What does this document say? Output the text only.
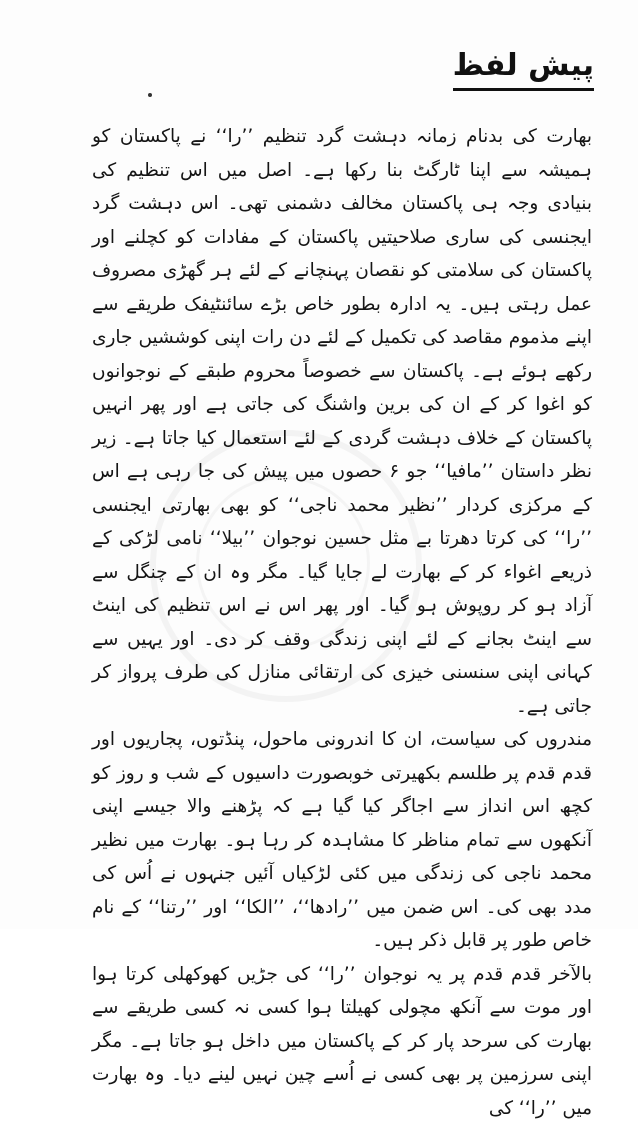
پیش لفظ

بھارت کی بدنام زمانہ دہشت گرد تنظیم ’’را‘‘ نے پاکستان کو ہمیشہ سے اپنا ٹارگٹ بنا رکھا ہے۔ اصل میں اس تنظیم کی بنیادی وجہ ہی پاکستان مخالف دشمنی تھی۔ اس دہشت گرد ایجنسی کی ساری صلاحیتیں پاکستان کے مفادات کو کچلنے اور پاکستان کی سلامتی کو نقصان پہنچانے کے لئے ہر گھڑی مصروف عمل رہتی ہیں۔ یہ ادارہ بطور خاص بڑے سائنٹیفک طریقے سے اپنے مذموم مقاصد کی تکمیل کے لئے دن رات اپنی کوششیں جاری رکھے ہوئے ہے۔ پاکستان سے خصوصاً محروم طبقے کے نوجوانوں کو اغوا کر کے ان کی برین واشنگ کی جاتی ہے اور پھر انہیں پاکستان کے خلاف دہشت گردی کے لئے استعمال کیا جاتا ہے۔ زیر نظر داستان ’’مافیا‘‘ جو ۶ حصوں میں پیش کی جا رہی ہے اس کے مرکزی کردار ’’نظیر محمد ناجی‘‘ کو بھی بھارتی ایجنسی ’’را‘‘ کی کرتا دھرتا بے مثل حسین نوجوان ’’بیلا‘‘ نامی لڑکی کے ذریعے اغواء کر کے بھارت لے جایا گیا۔ مگر وہ ان کے چنگل سے آزاد ہو کر روپوش ہو گیا۔ اور پھر اس نے اس تنظیم کی اینٹ سے اینٹ بجانے کے لئے اپنی زندگی وقف کر دی۔ اور یہیں سے کہانی اپنی سنسنی خیزی کی ارتقائی منازل کی طرف پرواز کر جاتی ہے۔

مندروں کی سیاست، ان کا اندرونی ماحول، پنڈتوں، پجاریوں اور قدم قدم پر طلسم بکھیرتی خوبصورت داسیوں کے شب و روز کو کچھ اس انداز سے اجاگر کیا گیا ہے کہ پڑھنے والا جیسے اپنی آنکھوں سے تمام مناظر کا مشاہدہ کر رہا ہو۔ بھارت میں نظیر محمد ناجی کی زندگی میں کئی لڑکیاں آئیں جنہوں نے اُس کی مدد بھی کی۔ اس ضمن میں ’’رادھا‘‘، ’’الکا‘‘ اور ’’رتنا‘‘ کے نام خاص طور پر قابل ذکر ہیں۔

بالآخر قدم قدم پر یہ نوجوان ’’را‘‘ کی جڑیں کھوکھلی کرتا ہوا اور موت سے آنکھ مچولی کھیلتا ہوا کسی نہ کسی طریقے سے بھارت کی سرحد پار کر کے پاکستان میں داخل ہو جاتا ہے۔ مگر اپنی سرزمین پر بھی کسی نے اُسے چین نہیں لینے دیا۔ وہ بھارت میں ’’را‘‘ کی
